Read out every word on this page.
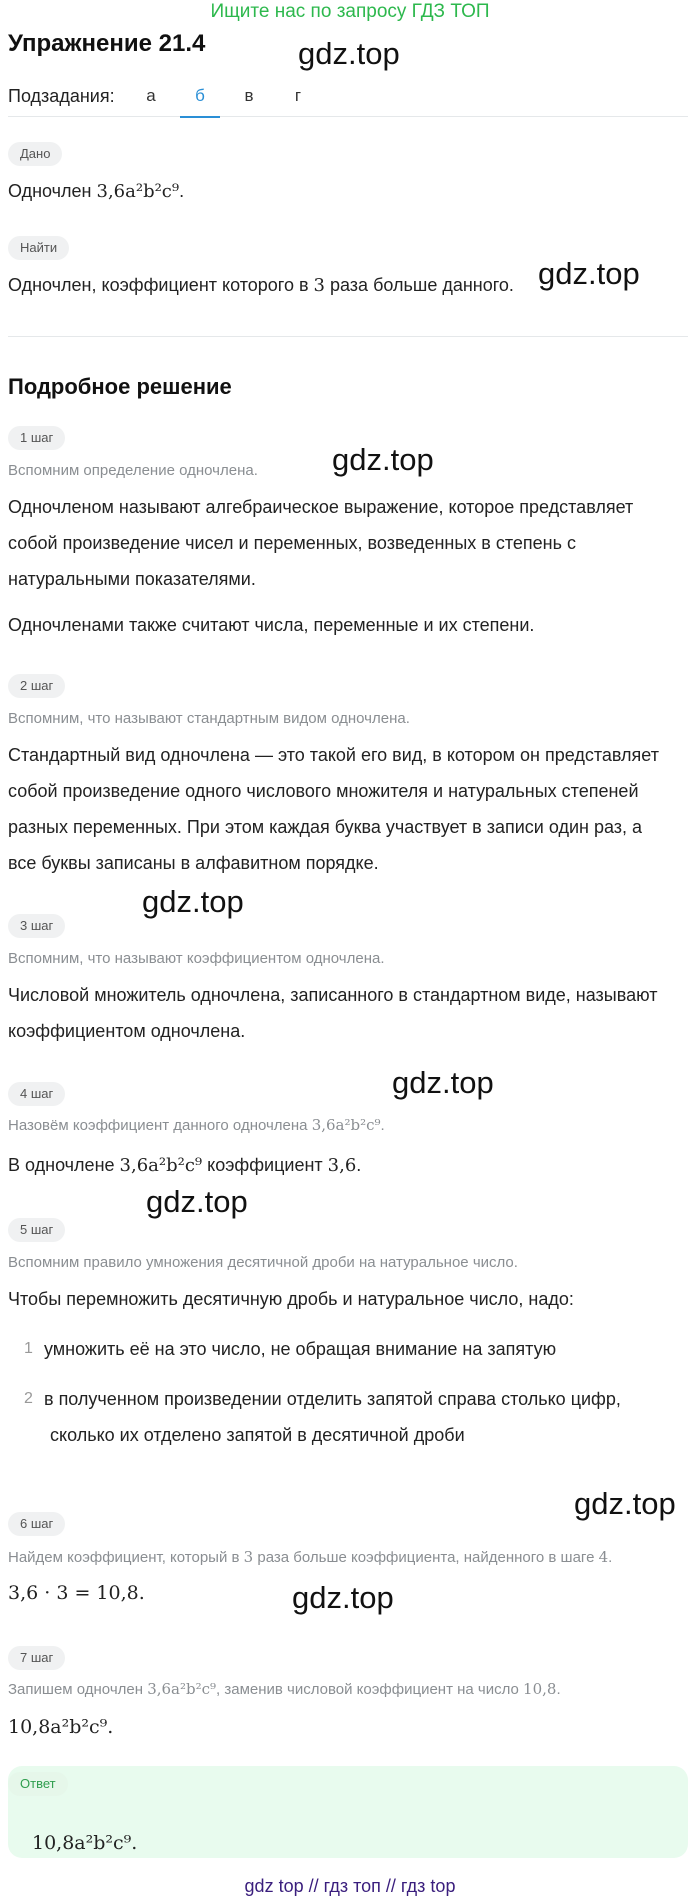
Ищите нас по запросу ГДЗ ТОП
Упражнение 21.4	gdz.top
gdz.top
gdz.top
gdz.top
gdz.top
gdz.top
gdz.top
gdz.top
Подзадания:	а	б	в	г
Дано
Одночлен 3,6a²b²c⁹.
Найти
Одночлен, коэффициент которого в 3 раза больше данного.
Подробное решение
1 шаг
Вспомним определение одночлена.
Одночленом называют алгебраическое выражение, которое представляет
собой произведение чисел и переменных, возведенных в степень с
натуральными показателями.
Одночленами также считают числа, переменные и их степени.
2 шаг
Вспомним, что называют стандартным видом одночлена.
Стандартный вид одночлена — это такой его вид, в котором он представляет
собой произведение одного числового множителя и натуральных степеней
разных переменных. При этом каждая буква участвует в записи один раз, а
все буквы записаны в алфавитном порядке.
3 шаг
Вспомним, что называют коэффициентом одночлена.
Числовой множитель одночлена, записанного в стандартном виде, называют
коэффициентом одночлена.
4 шаг
Назовём коэффициент данного одночлена 3,6a²b²c⁹.
В одночлене 3,6a²b²c⁹ коэффициент 3,6.
5 шаг
Вспомним правило умножения десятичной дроби на натуральное число.
Чтобы перемножить десятичную дробь и натуральное число, надо:
1 умножить её на это число, не обращая внимание на запятую
2 в полученном произведении отделить запятой справа столько цифр,
сколько их отделено запятой в десятичной дроби
6 шаг
Найдем коэффициент, который в 3 раза больше коэффициента, найденного в шаге 4.
3,6 · 3 = 10,8.
7 шаг
Запишем одночлен 3,6a²b²c⁹, заменив числовой коэффициент на число 10,8.
10,8a²b²c⁹.
Ответ
10,8a²b²c⁹.
gdz top // гдз топ // гдз top
